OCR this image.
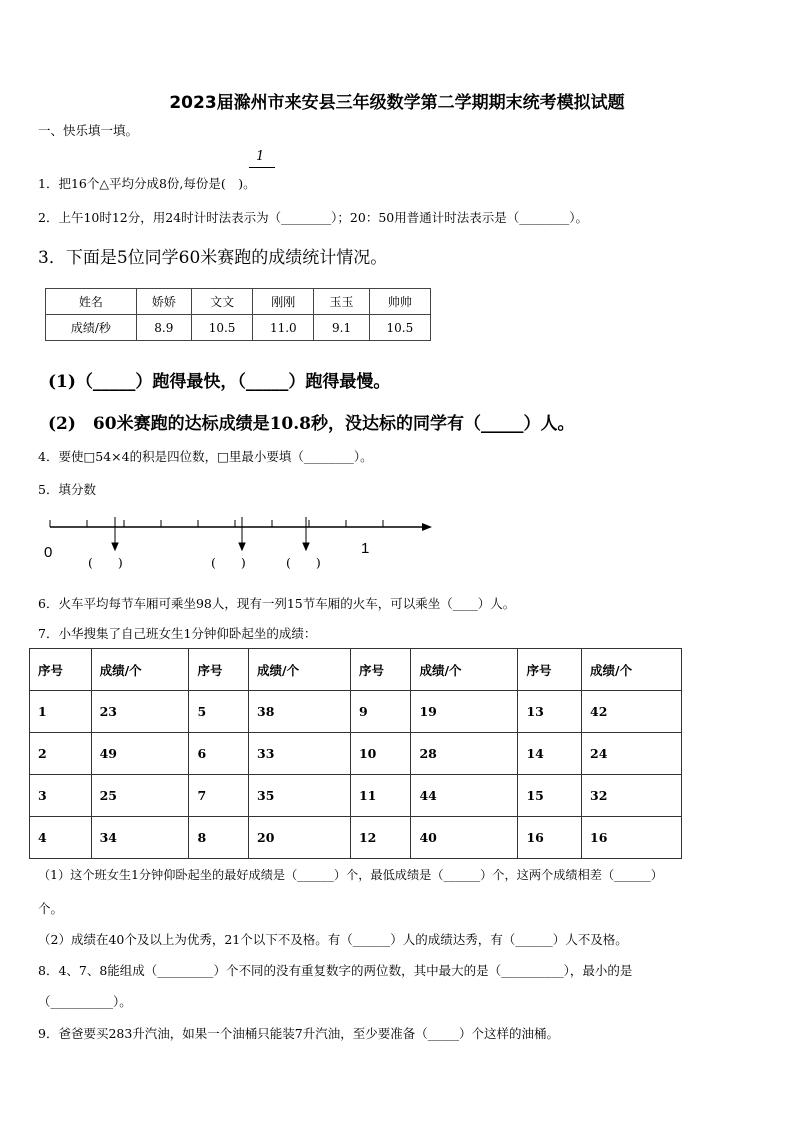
2023届滁州市来安县三年级数学第二学期期末统考模拟试题
一、快乐填一填。
1
1．把16个△平均分成8份,每份是(　)。
2．上午10时12分，用24时计时法表示为（________）；20：50用普通计时法表示是（________）。
3．下面是5位同学60米赛跑的成绩统计情况。
姓名	娇娇	文文	刚刚	玉玉	帅帅
成绩/秒	8.9	10.5	11.0	9.1	10.5
(1)（_____）跑得最快，（_____）跑得最慢。
(2)　60米赛跑的达标成绩是10.8秒，没达标的同学有（_____）人。
4．要使□54×4的积是四位数，□里最小要填（________）。
5．填分数
0	1
(　　)	(　　)	(　　)
6．火车平均每节车厢可乘坐98人，现有一列15节车厢的火车，可以乘坐（____）人。
7．小华搜集了自己班女生1分钟仰卧起坐的成绩：
序号	成绩/个	序号	成绩/个	序号	成绩/个	序号	成绩/个
1	23	5	38	9	19	13	42
2	49	6	33	10	28	14	24
3	25	7	35	11	44	15	32
4	34	8	20	12	40	16	16
（1）这个班女生1分钟仰卧起坐的最好成绩是（______）个，最低成绩是（______）个，这两个成绩相差（______）
个。
（2）成绩在40个及以上为优秀，21个以下不及格。有（______）人的成绩达秀，有（______）人不及格。
8．4、7、8能组成（_________）个不同的没有重复数字的两位数，其中最大的是（__________），最小的是
（__________）。
9．爸爸要买283升汽油，如果一个油桶只能装7升汽油，至少要准备（_____）个这样的油桶。
